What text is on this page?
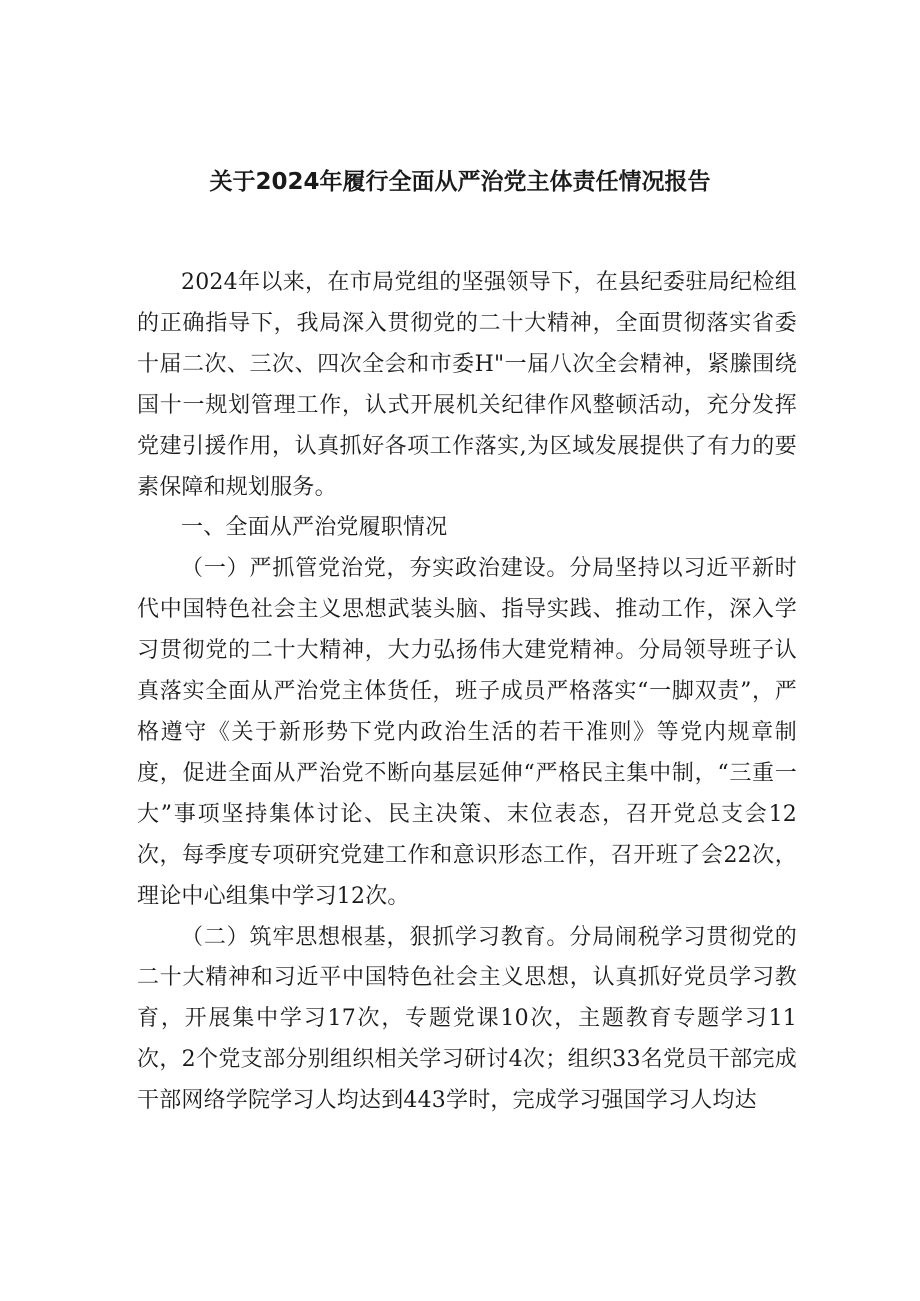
关于2024年履行全面从严治党主体责任情况报告

2024年以来，在市局党组的坚强领导下，在县纪委驻局纪检组的正确指导下，我局深入贯彻党的二十大精神，全面贯彻落实省委十届二次、三次、四次全会和市委H"一届八次全会精神，紧縢围绕国十一规划管理工作，认式开展机关纪律作风整顿活动，充分发挥党建引援作用，认真抓好各项工作落实,为区域发展提供了有力的要素保障和规划服务。

一、全面从严治党履职情况

（一）严抓管党治党，夯实政治建设。分局坚持以习近平新时代中国特色社会主义思想武装头脑、指导实践、推动工作，深入学习贯彻党的二十大精神，大力弘扬伟大建党精神。分局领导班子认真落实全面从严治党主体货任，班子成员严格落实“一脚双责”，严格遵守《关于新形势下党内政治生活的若干准则》等党内规章制度，促进全面从严治党不断向基层延伸“严格民主集中制，“三重一大”事项坚持集体讨论、民主决策、末位表态，召开党总支会12次，每季度专项研究党建工作和意识形态工作，召开班了会22次，理论中心组集中学习12次。

（二）筑牢思想根基，狠抓学习教育。分局闹税学习贯彻党的二十大精神和习近平中国特色社会主义思想，认真抓好党员学习教育，开展集中学习17次，专题党课10次，主题教育专题学习11次，2个党支部分别组织相关学习研讨4次；组织33名党员干部完成干部网络学院学习人均达到443学时，完成学习强国学习人均达
